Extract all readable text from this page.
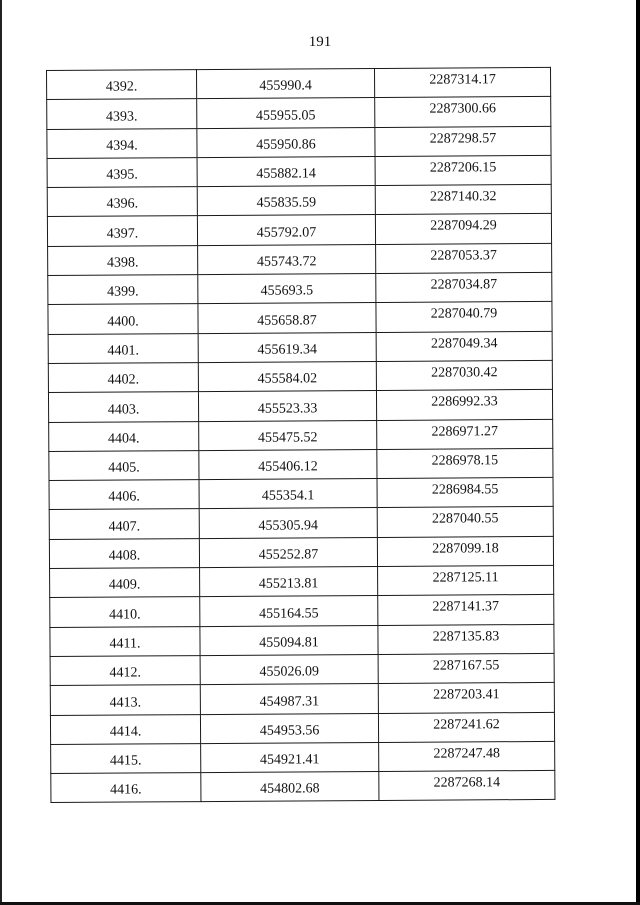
191
4392.	455990.4	2287314.17
4393.	455955.05	2287300.66
4394.	455950.86	2287298.57
4395.	455882.14	2287206.15
4396.	455835.59	2287140.32
4397.	455792.07	2287094.29
4398.	455743.72	2287053.37
4399.	455693.5	2287034.87
4400.	455658.87	2287040.79
4401.	455619.34	2287049.34
4402.	455584.02	2287030.42
4403.	455523.33	2286992.33
4404.	455475.52	2286971.27
4405.	455406.12	2286978.15
4406.	455354.1	2286984.55
4407.	455305.94	2287040.55
4408.	455252.87	2287099.18
4409.	455213.81	2287125.11
4410.	455164.55	2287141.37
4411.	455094.81	2287135.83
4412.	455026.09	2287167.55
4413.	454987.31	2287203.41
4414.	454953.56	2287241.62
4415.	454921.41	2287247.48
4416.	454802.68	2287268.14
